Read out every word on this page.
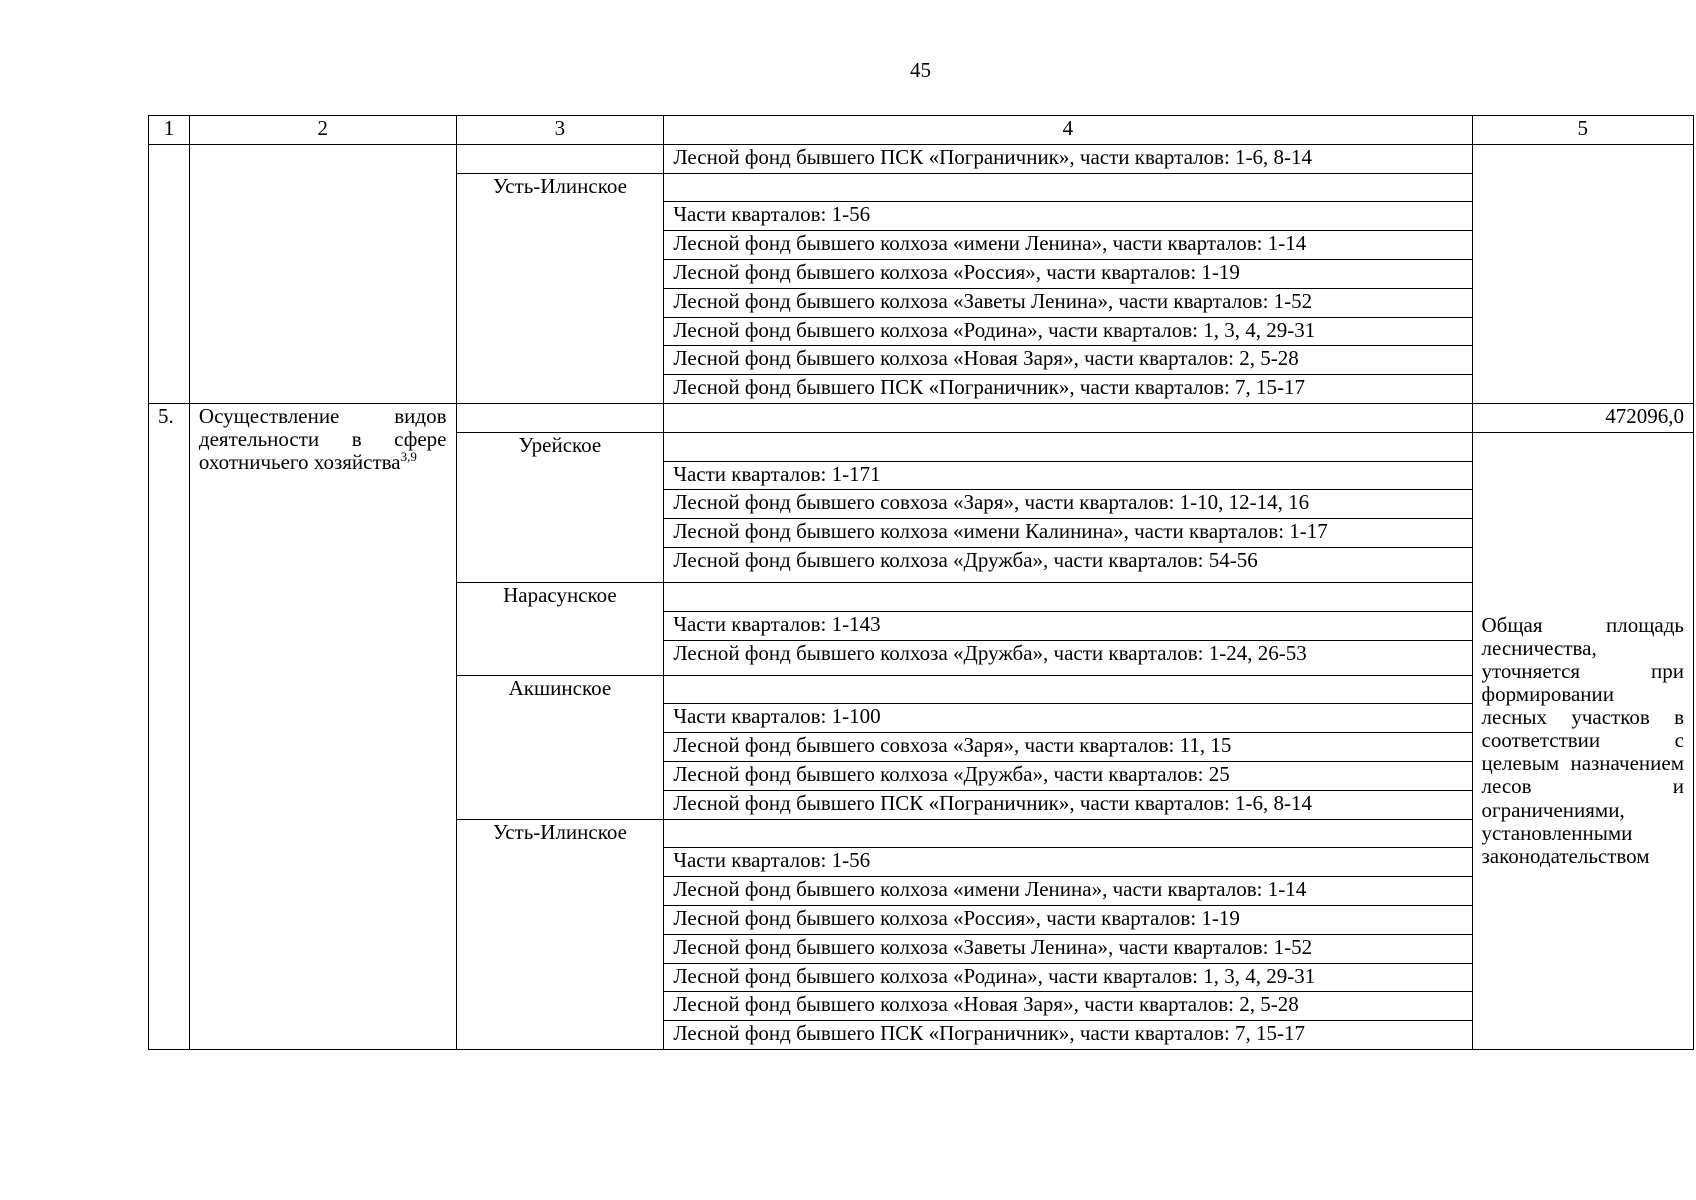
45
1	2	3	4	5
			Лесной фонд бывшего ПСК «Пограничник», части кварталов: 1-6, 8-14	
		Усть-Илинское		
			Части кварталов: 1-56	
			Лесной фонд бывшего колхоза «имени Ленина», части кварталов: 1-14	
			Лесной фонд бывшего колхоза «Россия», части кварталов: 1-19	
			Лесной фонд бывшего колхоза «Заветы Ленина», части кварталов: 1-52	
			Лесной фонд бывшего колхоза «Родина», части кварталов: 1, 3, 4, 29-31	
			Лесной фонд бывшего колхоза «Новая Заря», части кварталов: 2, 5-28	
			Лесной фонд бывшего ПСК «Пограничник», части кварталов: 7, 15-17	
5.	Осуществление видов деятельности в сфере охотничьего хозяйства$^{3,9}$			472096,0
		Урейское		Общая площадь лесничества, уточняется при формировании лесных участков в соответствии с целевым назначением лесов и ограничениями, установленными законодательством
			Части кварталов: 1-171	
			Лесной фонд бывшего совхоза «Заря», части кварталов: 1-10, 12-14, 16	
			Лесной фонд бывшего колхоза «имени Калинина», части кварталов: 1-17	
			Лесной фонд бывшего колхоза «Дружба», части кварталов: 54-56	
		Нарасунское		
			Части кварталов: 1-143	
			Лесной фонд бывшего колхоза «Дружба», части кварталов: 1-24, 26-53	
		Акшинское		
			Части кварталов: 1-100	
			Лесной фонд бывшего совхоза «Заря», части кварталов: 11, 15	
			Лесной фонд бывшего колхоза «Дружба», части кварталов: 25	
			Лесной фонд бывшего ПСК «Пограничник», части кварталов: 1-6, 8-14	
		Усть-Илинское		
			Части кварталов: 1-56	
			Лесной фонд бывшего колхоза «имени Ленина», части кварталов: 1-14	
			Лесной фонд бывшего колхоза «Россия», части кварталов: 1-19	
			Лесной фонд бывшего колхоза «Заветы Ленина», части кварталов: 1-52	
			Лесной фонд бывшего колхоза «Родина», части кварталов: 1, 3, 4, 29-31	
			Лесной фонд бывшего колхоза «Новая Заря», части кварталов: 2, 5-28	
			Лесной фонд бывшего ПСК «Пограничник», части кварталов: 7, 15-17	
